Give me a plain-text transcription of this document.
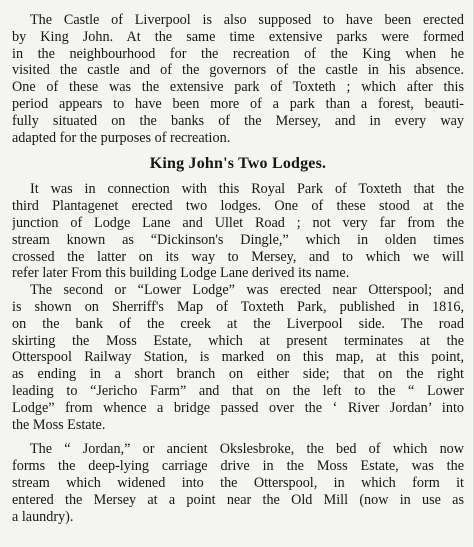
The Castle of Liverpool is also supposed to have been erected
by King John. At the same time extensive parks were formed
in the neighbourhood for the recreation of the King when he
visited the castle and of the governors of the castle in his absence.
One of these was the extensive park of Toxteth ; which after this
period appears to have been more of a park than a forest, beauti-
fully situated on the banks of the Mersey, and in every way
adapted for the purposes of recreation.
King John's Two Lodges.
It was in connection with this Royal Park of Toxteth that the
third Plantagenet erected two lodges. One of these stood at the
junction of Lodge Lane and Ullet Road ; not very far from the
stream known as “Dickinson's Dingle,” which in olden times
crossed the latter on its way to Mersey, and to which we will
refer later From this building Lodge Lane derived its name.
The second or “Lower Lodge” was erected near Otterspool; and
is shown on Sherriff's Map of Toxteth Park, published in 1816,
on the bank of the creek at the Liverpool side. The road
skirting the Moss Estate, which at present terminates at the
Otterspool Railway Station, is marked on this map, at this point,
as ending in a short branch on either side; that on the right
leading to “Jericho Farm” and that on the left to the “ Lower
Lodge” from whence a bridge passed over the ‘ River Jordan’ into
the Moss Estate.
The “ Jordan,” or ancient Okslesbroke, the bed of which now
forms the deep-lying carriage drive in the Moss Estate, was the
stream which widened into the Otterspool, in which form it
entered the Mersey at a point near the Old Mill (now in use as
a laundry).
